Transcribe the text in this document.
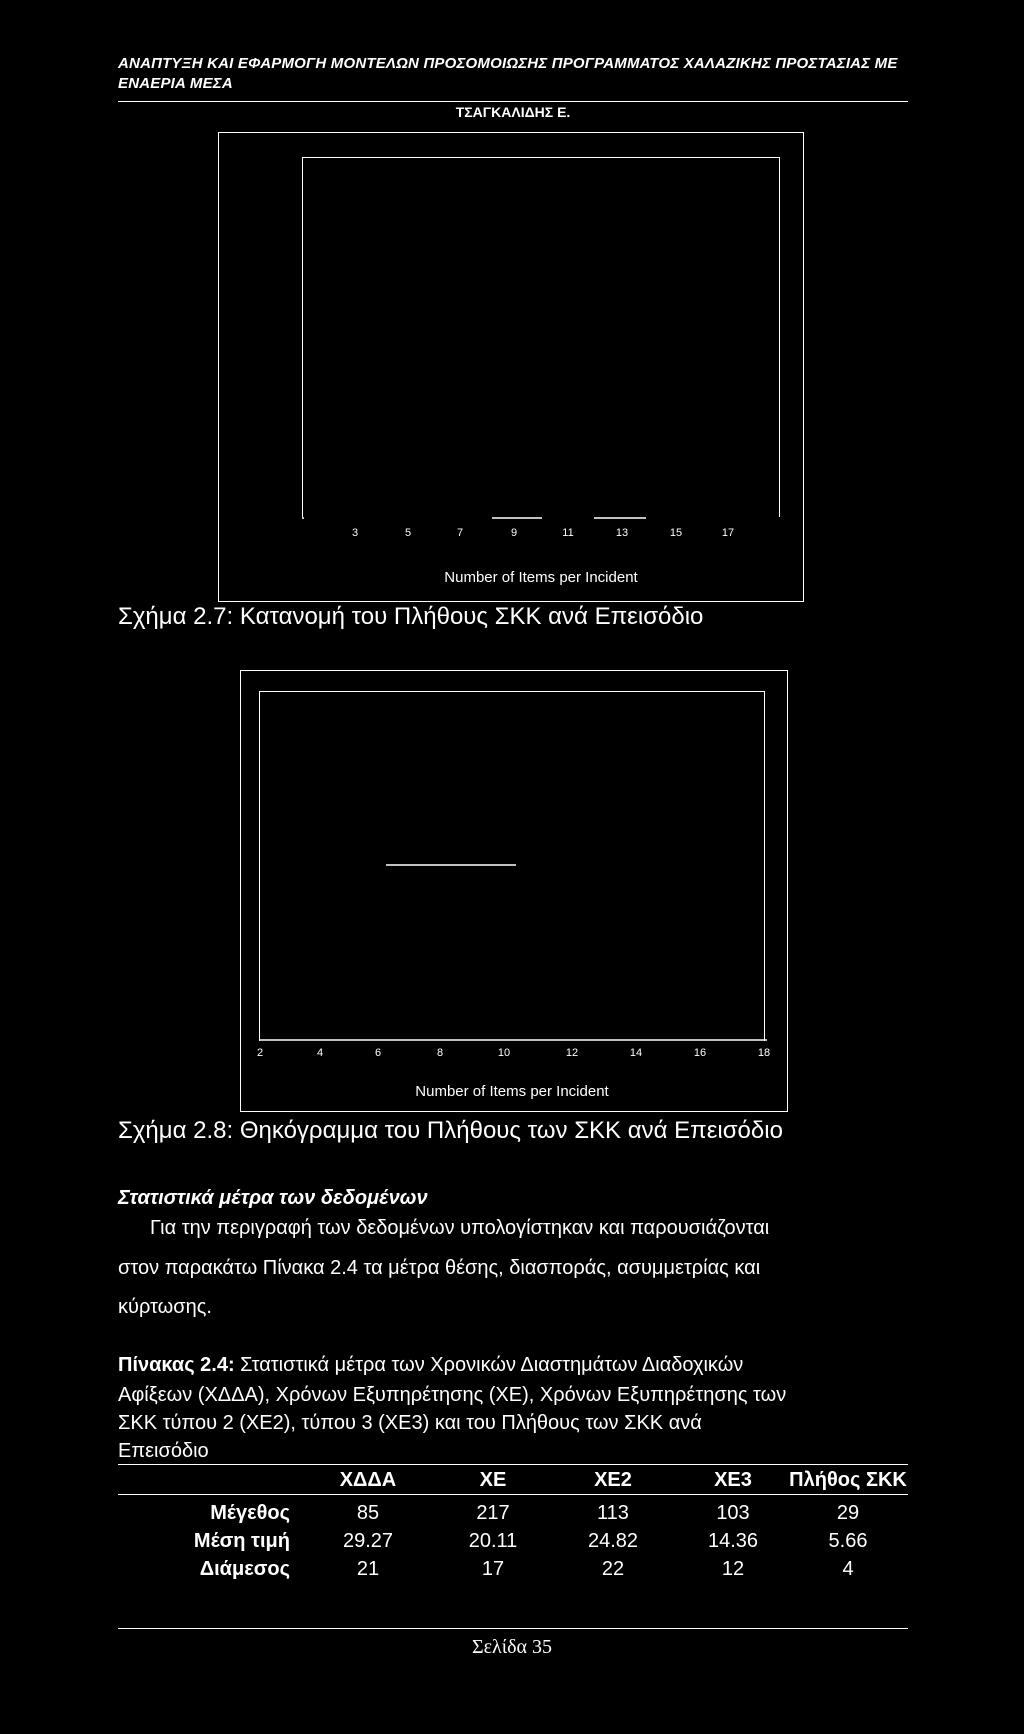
ΑΝΑΠΤΥΞΗ ΚΑΙ ΕΦΑΡΜΟΓΗ ΜΟΝΤΕΛΩΝ ΠΡΟΣΟΜΟΙΩΣΗΣ ΠΡΟΓΡΑΜΜΑΤΟΣ ΧΑΛΑΖΙΚΗΣ ΠΡΟΣΤΑΣΙΑΣ ΜΕ ΕΝΑΕΡΙΑ ΜΕΣΑ
ΤΣΑΓΚΑΛΙΔΗΣ Ε.
3	5	7	9	11	13	15	17
Number of Items per Incident
Σχήμα 2.7: Κατανομή του Πλήθους ΣΚΚ ανά Επεισόδιο
2	4	6	8	10	12	14	16	18
Number of Items per Incident
Σχήμα 2.8: Θηκόγραμμα του Πλήθους των ΣΚΚ ανά Επεισόδιο
Στατιστικά μέτρα των δεδομένων
Για την περιγραφή των δεδομένων υπολογίστηκαν και παρουσιάζονται
στον παρακάτω Πίνακα 2.4 τα μέτρα θέσης, διασποράς, ασυμμετρίας και
κύρτωσης.
Πίνακας 2.4: Στατιστικά μέτρα των Χρονικών Διαστημάτων Διαδοχικών
Αφίξεων (ΧΔΔΑ), Χρόνων Εξυπηρέτησης (ΧΕ), Χρόνων Εξυπηρέτησης των
ΣΚΚ τύπου 2 (ΧΕ2), τύπου 3 (ΧΕ3) και του Πλήθους των ΣΚΚ ανά
Επεισόδιο
	ΧΔΔΑ	ΧΕ	ΧΕ2	ΧΕ3	Πλήθος ΣΚΚ

Μέγεθος	85	217	113	103	29
Μέση τιμή	29.27	20.11	24.82	14.36	5.66
Διάμεσος	21	17	22	12	4
Σελίδα 35
